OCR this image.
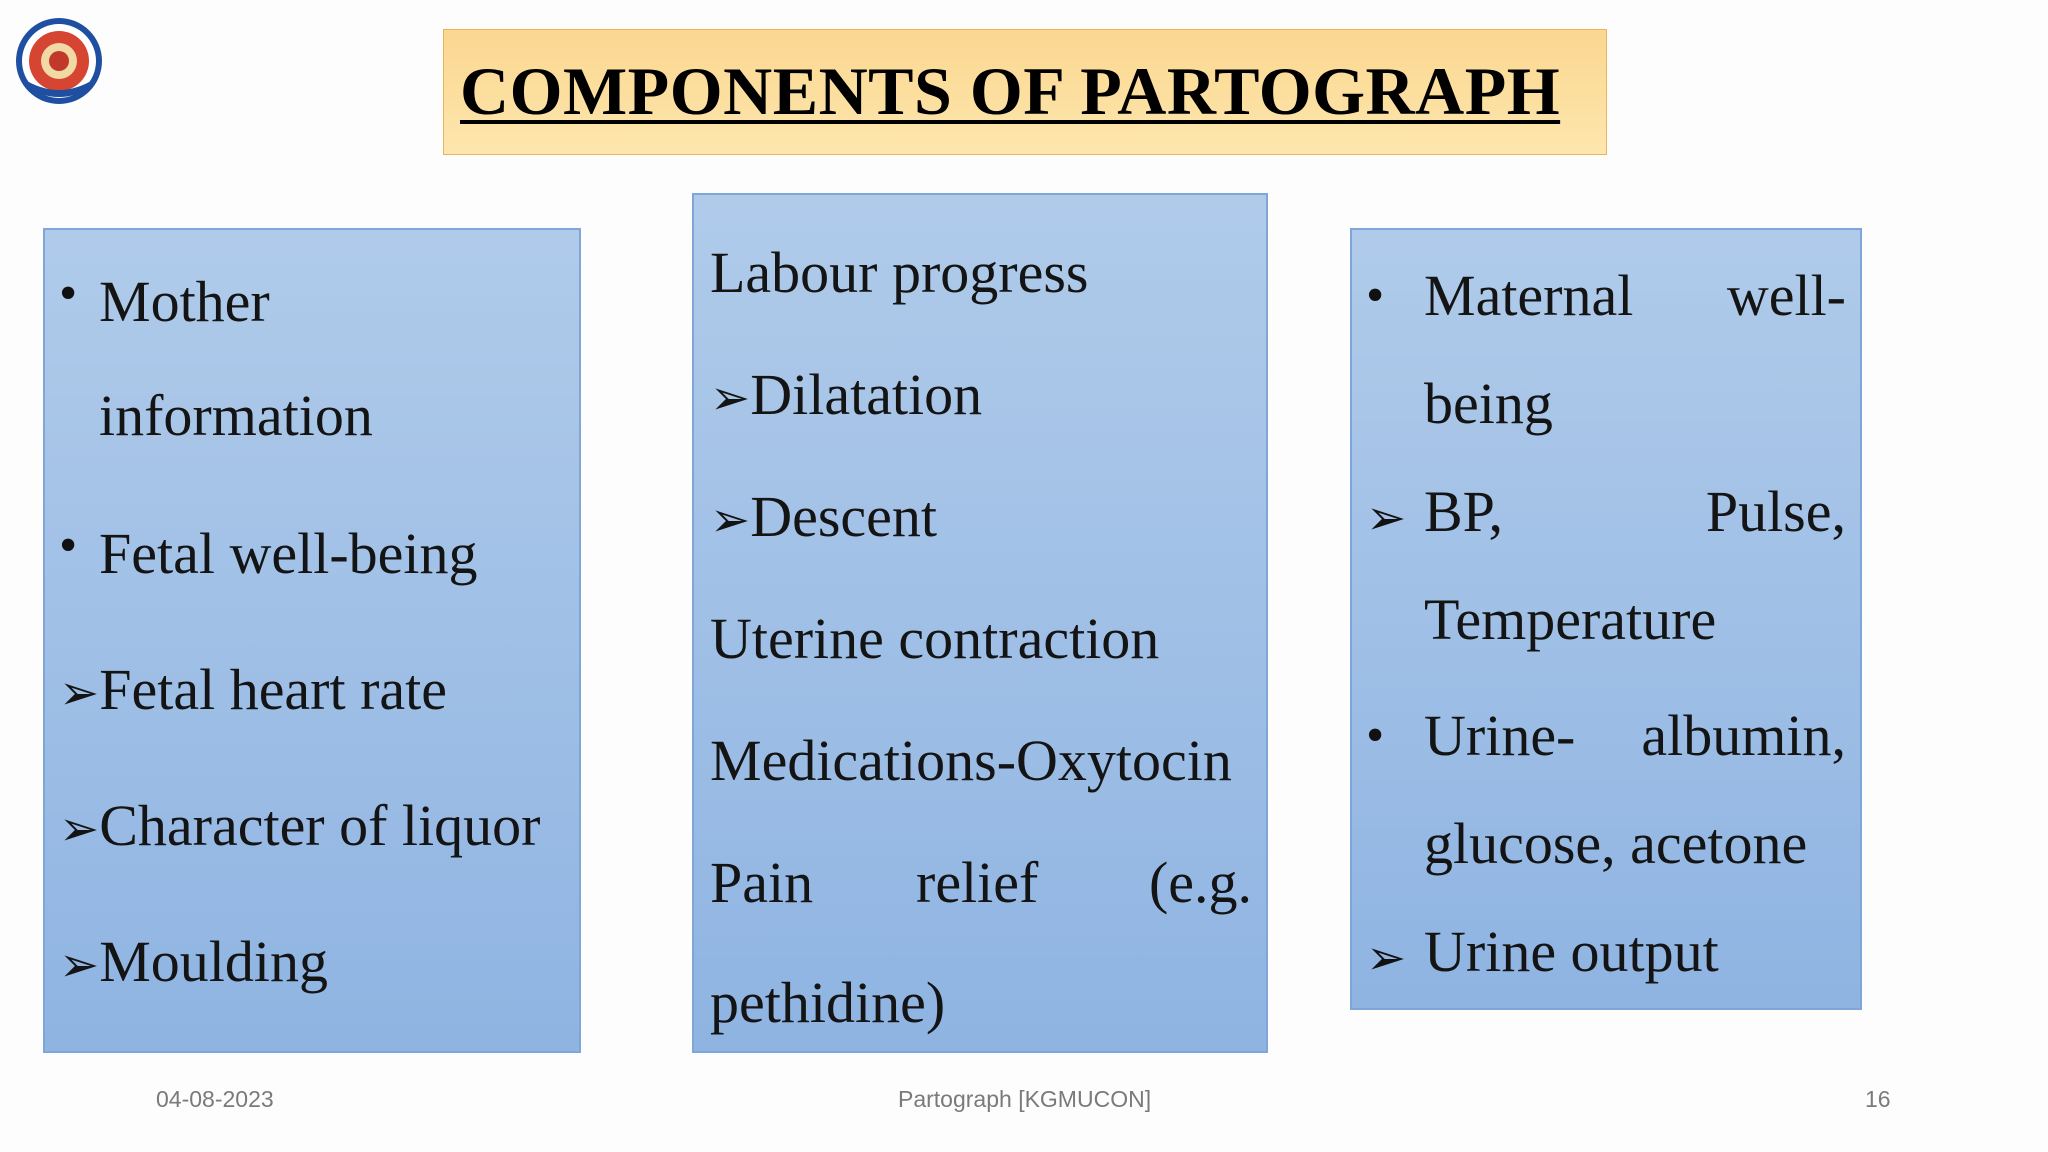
COMPONENTS OF PARTOGRAPH
• Mother
information
• Fetal well-being
➢Fetal heart rate
➢Character of liquor
➢Moulding
Labour progress
➢Dilatation
➢Descent
Uterine contraction
Medications-Oxytocin
Pain relief (e.g.
pethidine)
• Maternal well-
being
➢ BP,	Pulse,
Temperature
• Urine- albumin,
glucose, acetone
➢ Urine output
04-08-2023	Partograph [KGMUCON]	16
